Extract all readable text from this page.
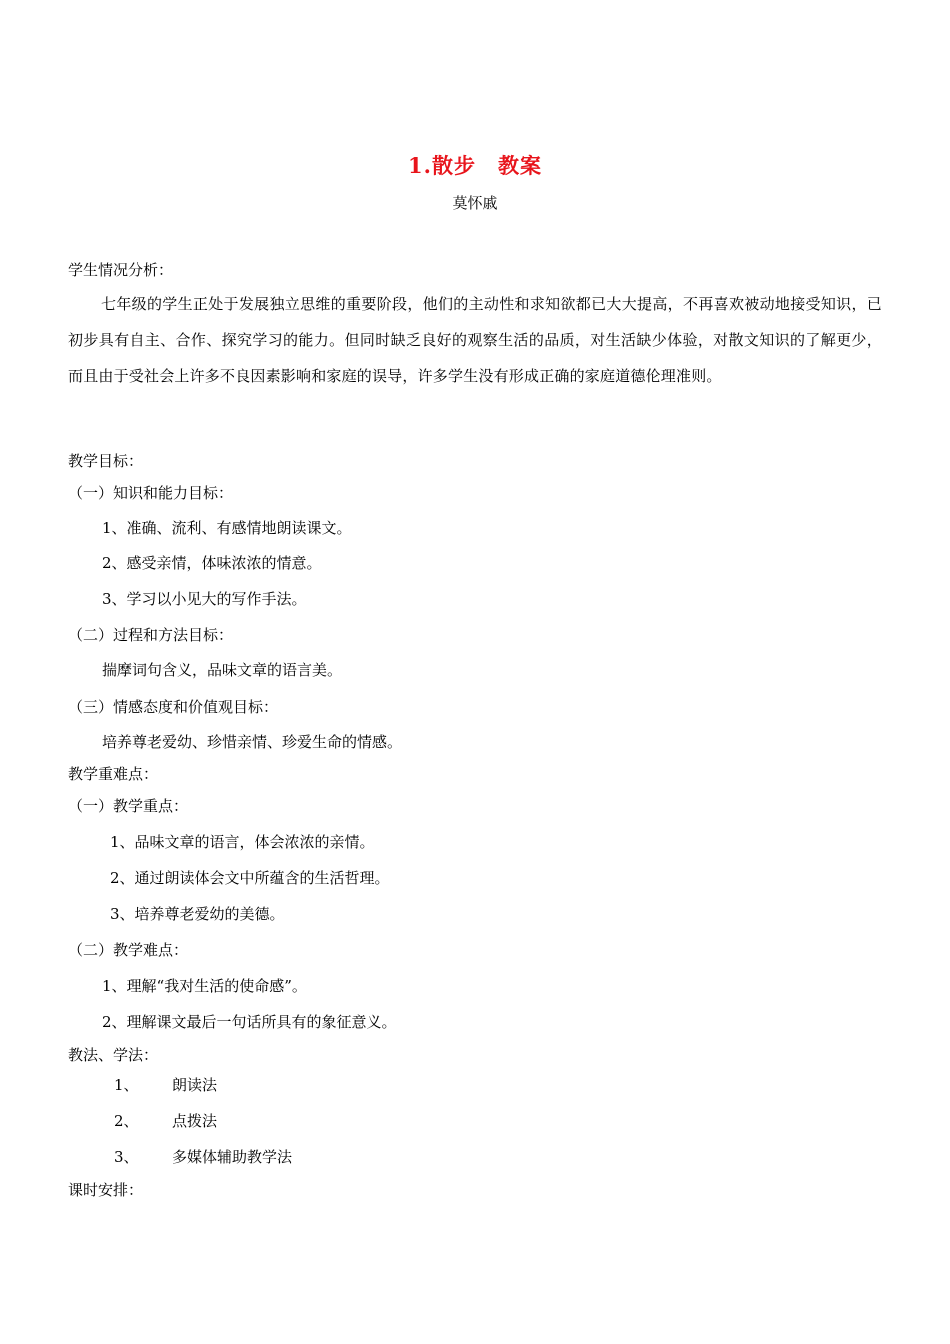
1.散步　教案
莫怀戚
学生情况分析：
七年级的学生正处于发展独立思维的重要阶段，他们的主动性和求知欲都已大大提高，不再喜欢被动地接受知识，已初步具有自主、合作、探究学习的能力。但同时缺乏良好的观察生活的品质，对生活缺少体验，对散文知识的了解更少，而且由于受社会上许多不良因素影响和家庭的误导，许多学生没有形成正确的家庭道德伦理准则。
教学目标：
（一）知识和能力目标：
1、准确、流利、有感情地朗读课文。
2、感受亲情，体味浓浓的情意。
3、学习以小见大的写作手法。
（二）过程和方法目标：
揣摩词句含义，品味文章的语言美。
（三）情感态度和价值观目标：
培养尊老爱幼、珍惜亲情、珍爱生命的情感。
教学重难点：
（一）教学重点：
1、品味文章的语言，体会浓浓的亲情。
2、通过朗读体会文中所蕴含的生活哲理。
3、培养尊老爱幼的美德。
（二）教学难点：
1、理解“我对生活的使命感”。
2、理解课文最后一句话所具有的象征意义。
教法、学法：
1、 朗读法
2、 点拨法
3、 多媒体辅助教学法
课时安排：
